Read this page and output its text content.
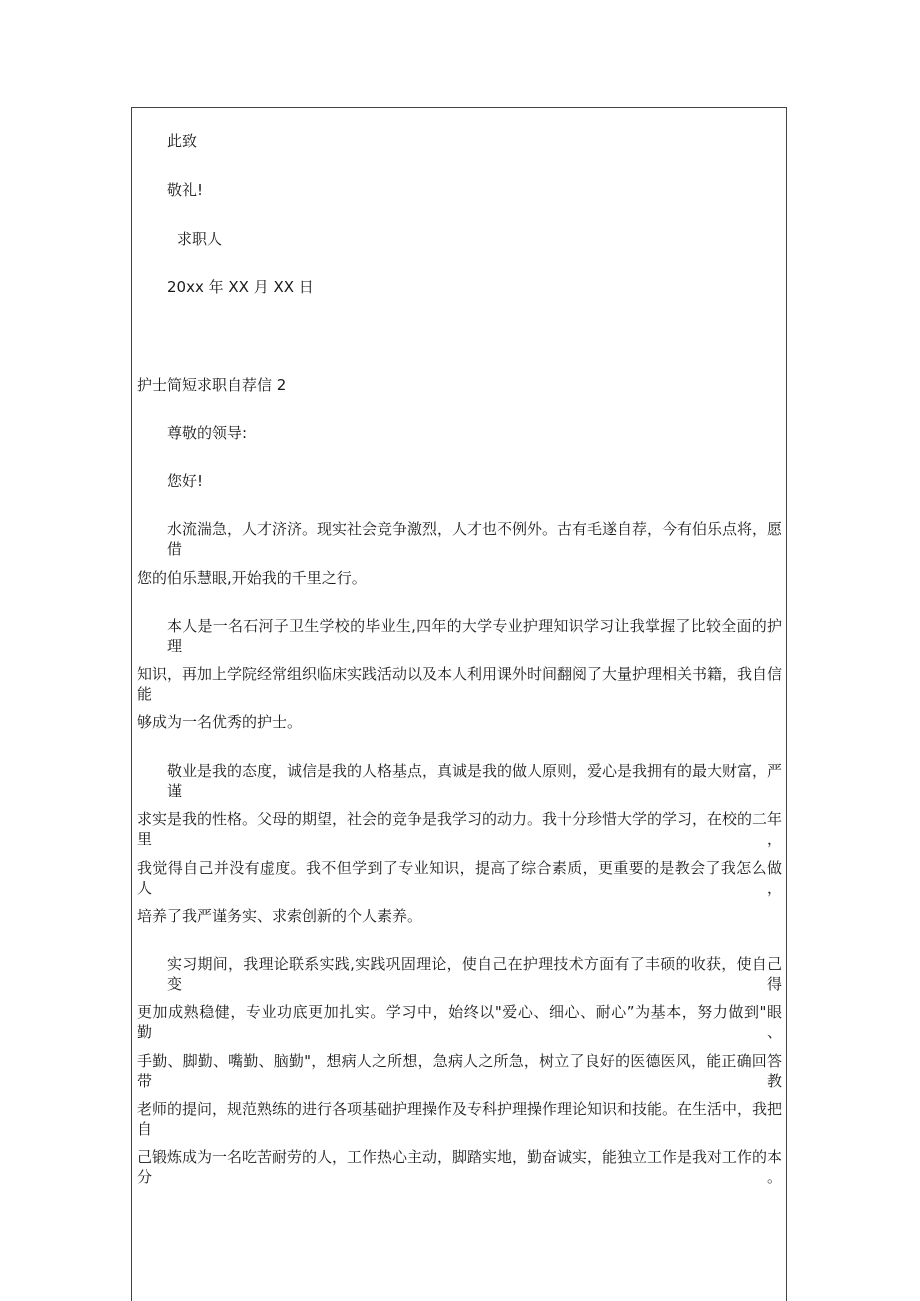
此致
敬礼!
求职人
20xx 年 XX 月 XX 日
护士简短求职自荐信 2
尊敬的领导:
您好!
水流湍急，人才济济。现实社会竞争激烈，人才也不例外。古有毛遂自荐，今有伯乐点将，愿借
您的伯乐慧眼,开始我的千里之行。
本人是一名石河子卫生学校的毕业生,四年的大学专业护理知识学习让我掌握了比较全面的护理
知识，再加上学院经常组织临床实践活动以及本人利用课外时间翻阅了大量护理相关书籍，我自信能
够成为一名优秀的护士。
敬业是我的态度，诚信是我的人格基点，真诚是我的做人原则，爱心是我拥有的最大财富，严谨
求实是我的性格。父母的期望，社会的竞争是我学习的动力。我十分珍惜大学的学习，在校的二年里，
我觉得自己并没有虚度。我不但学到了专业知识，提高了综合素质，更重要的是教会了我怎么做人，
培养了我严谨务实、求索创新的个人素养。
实习期间，我理论联系实践,实践巩固理论，使自己在护理技术方面有了丰硕的收获，使自己变得
更加成熟稳健，专业功底更加扎实。学习中，始终以"爱心、细心、耐心”为基本，努力做到"眼勤、
手勤、脚勤、嘴勤、脑勤"，想病人之所想，急病人之所急，树立了良好的医德医风，能正确回答带教
老师的提问，规范熟练的进行各项基础护理操作及专科护理操作理论知识和技能。在生活中，我把自
己锻炼成为一名吃苦耐劳的人，工作热心主动，脚踏实地，勤奋诚实，能独立工作是我对工作的本分。
